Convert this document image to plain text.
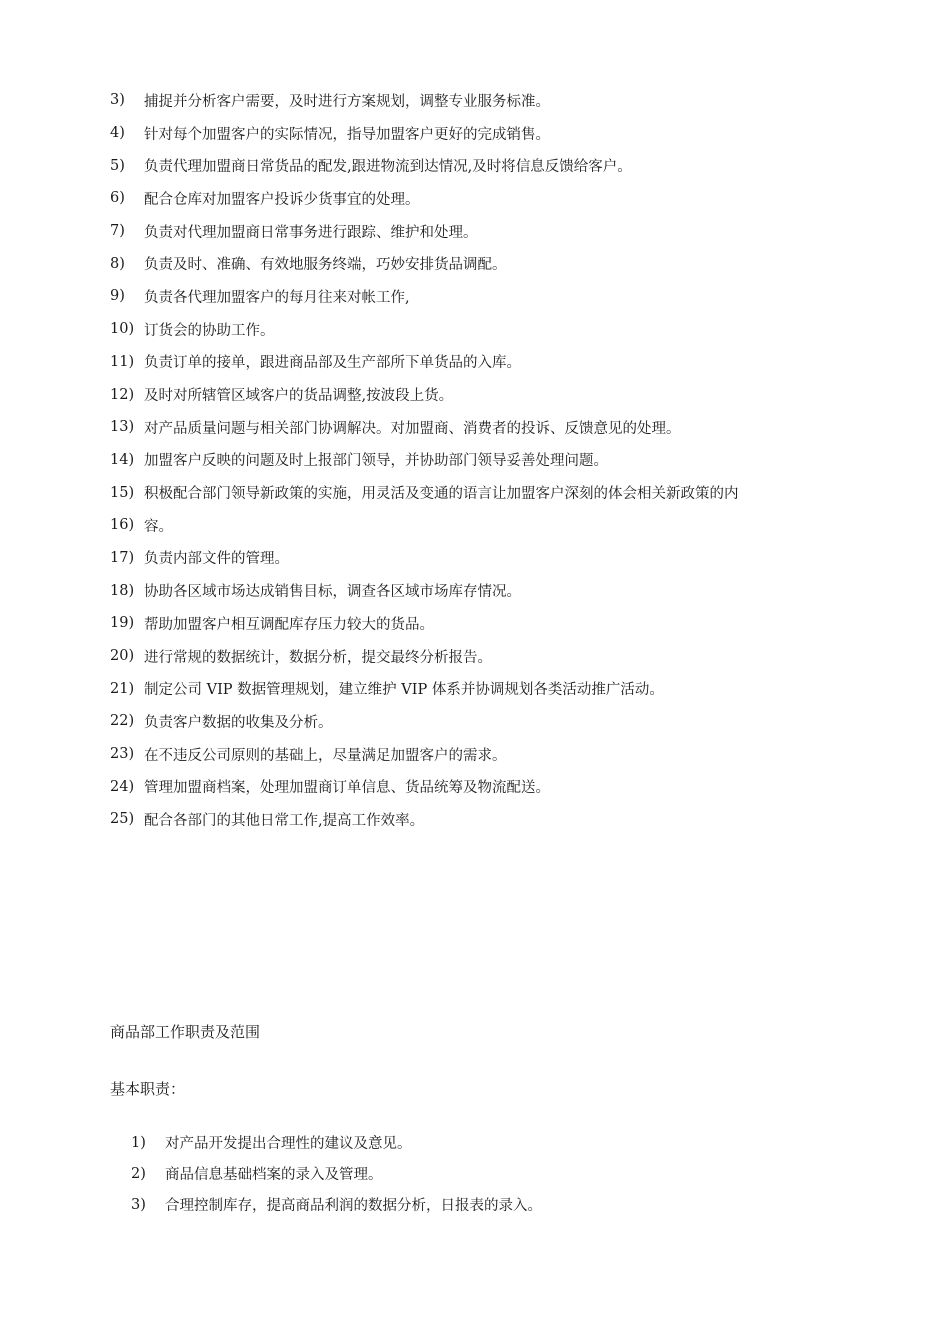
3)	捕捉并分析客户需要，及时进行方案规划，调整专业服务标准。
4)	针对每个加盟客户的实际情况，指导加盟客户更好的完成销售。
5)	负责代理加盟商日常货品的配发,跟进物流到达情况,及时将信息反馈给客户。
6)	配合仓库对加盟客户投诉少货事宜的处理。
7)	负责对代理加盟商日常事务进行跟踪、维护和处理。
8)	负责及时、准确、有效地服务终端，巧妙安排货品调配。
9)	负责各代理加盟客户的每月往来对帐工作,
10) 订货会的协助工作。
11) 负责订单的接单，跟进商品部及生产部所下单货品的入库。
12) 及时对所辖管区域客户的货品调整,按波段上货。
13) 对产品质量问题与相关部门协调解决。对加盟商、消费者的投诉、反馈意见的处理。
14) 加盟客户反映的问题及时上报部门领导，并协助部门领导妥善处理问题。
15) 积极配合部门领导新政策的实施，用灵活及变通的语言让加盟客户深刻的体会相关新政策的内
16) 容。
17) 负责内部文件的管理。
18) 协助各区域市场达成销售目标，调查各区域市场库存情况。
19) 帮助加盟客户相互调配库存压力较大的货品。
20) 进行常规的数据统计，数据分析，提交最终分析报告。
21) 制定公司 VIP 数据管理规划，建立维护 VIP 体系并协调规划各类活动推广活动。
22) 负责客户数据的收集及分析。
23) 在不违反公司原则的基础上，尽量满足加盟客户的需求。
24) 管理加盟商档案，处理加盟商订单信息、货品统筹及物流配送。
25) 配合各部门的其他日常工作,提高工作效率。
商品部工作职责及范围
基本职责：
1)	对产品开发提出合理性的建议及意见。
2)	商品信息基础档案的录入及管理。
3)	合理控制库存，提高商品利润的数据分析，日报表的录入。
